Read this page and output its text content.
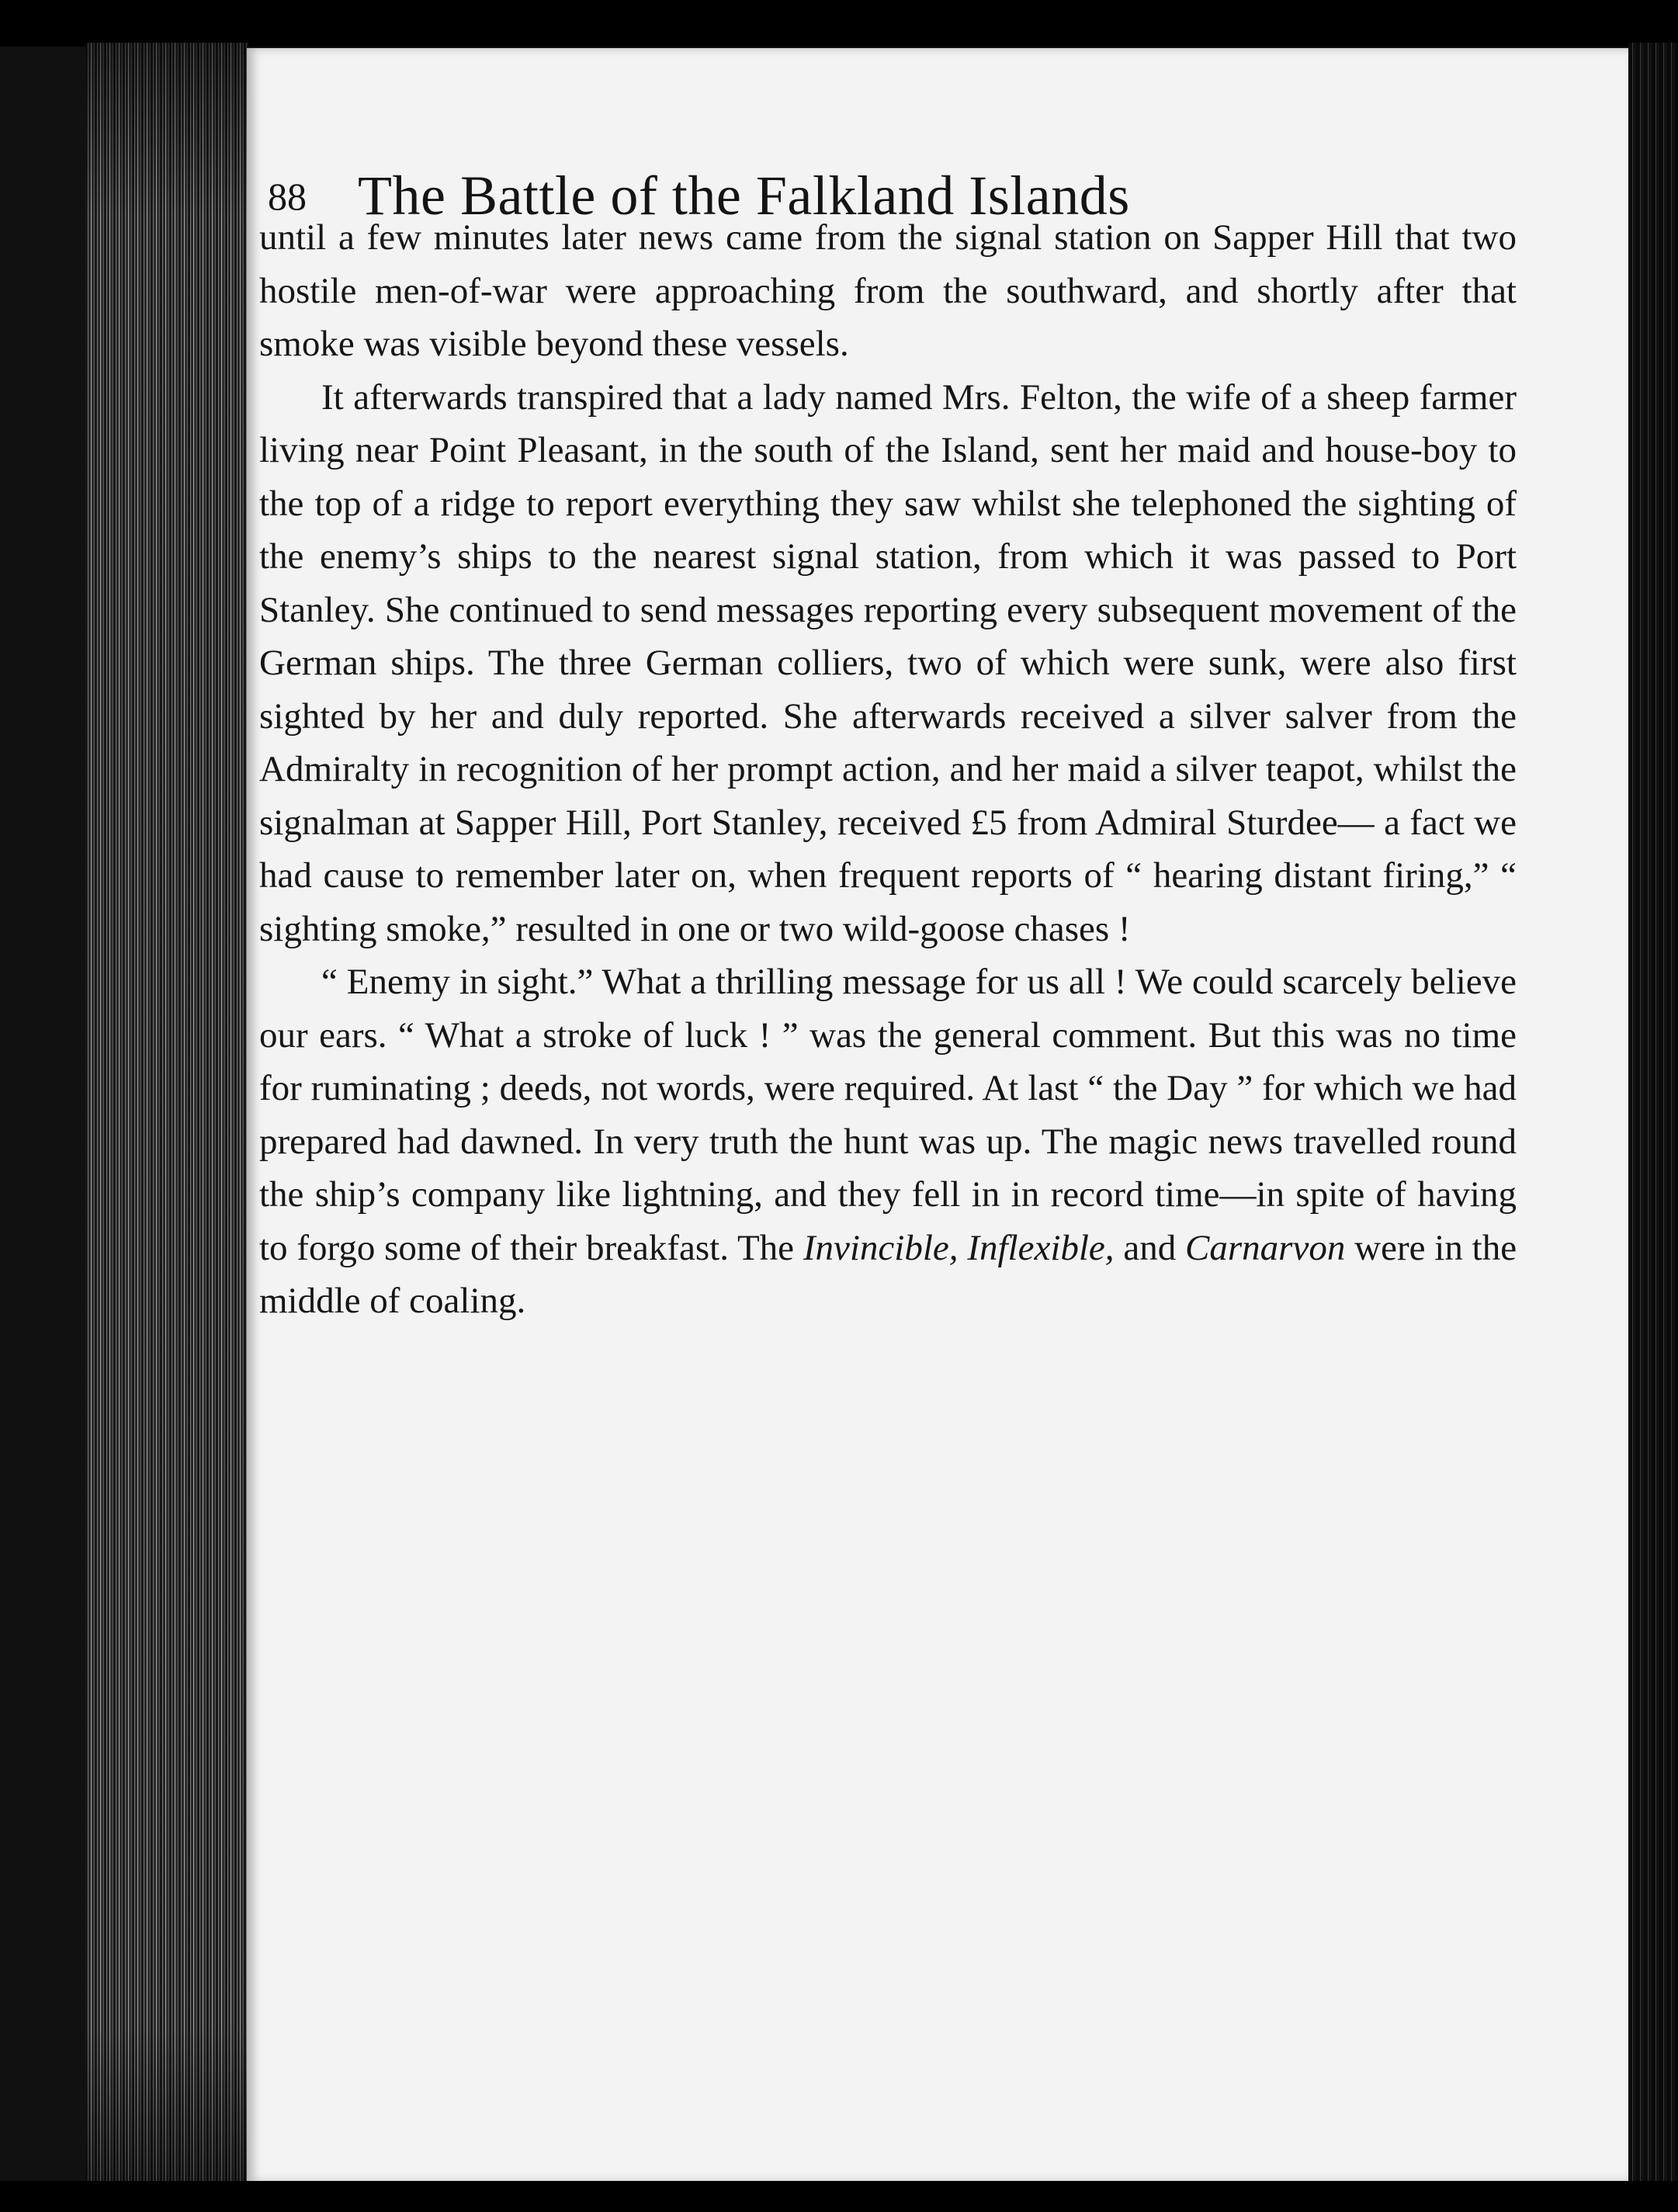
88 The Battle of the Falkland Islands

until a few minutes later news came from the signal station on Sapper Hill that two hostile men-of-war were approaching from the southward, and shortly after that smoke was visible beyond these vessels.

It afterwards transpired that a lady named Mrs. Felton, the wife of a sheep farmer living near Point Pleasant, in the south of the Island, sent her maid and house-boy to the top of a ridge to report everything they saw whilst she telephoned the sighting of the enemy’s ships to the nearest signal station, from which it was passed to Port Stanley. She continued to send messages reporting every subsequent movement of the German ships. The three German colliers, two of which were sunk, were also first sighted by her and duly reported. She afterwards received a silver salver from the Admiralty in recognition of her prompt action, and her maid a silver teapot, whilst the signalman at Sapper Hill, Port Stanley, received £5 from Admiral Sturdee— a fact we had cause to remember later on, when frequent reports of “ hearing distant firing,” “ sighting smoke,” resulted in one or two wild-goose chases !

“ Enemy in sight.” What a thrilling message for us all ! We could scarcely believe our ears. “ What a stroke of luck ! ” was the general comment. But this was no time for ruminating ; deeds, not words, were required. At last “ the Day ” for which we had prepared had dawned. In very truth the hunt was up. The magic news travelled round the ship’s company like lightning, and they fell in in record time—in spite of having to forgo some of their breakfast. The Invincible, Inflexible, and Carnarvon were in the middle of coaling.
